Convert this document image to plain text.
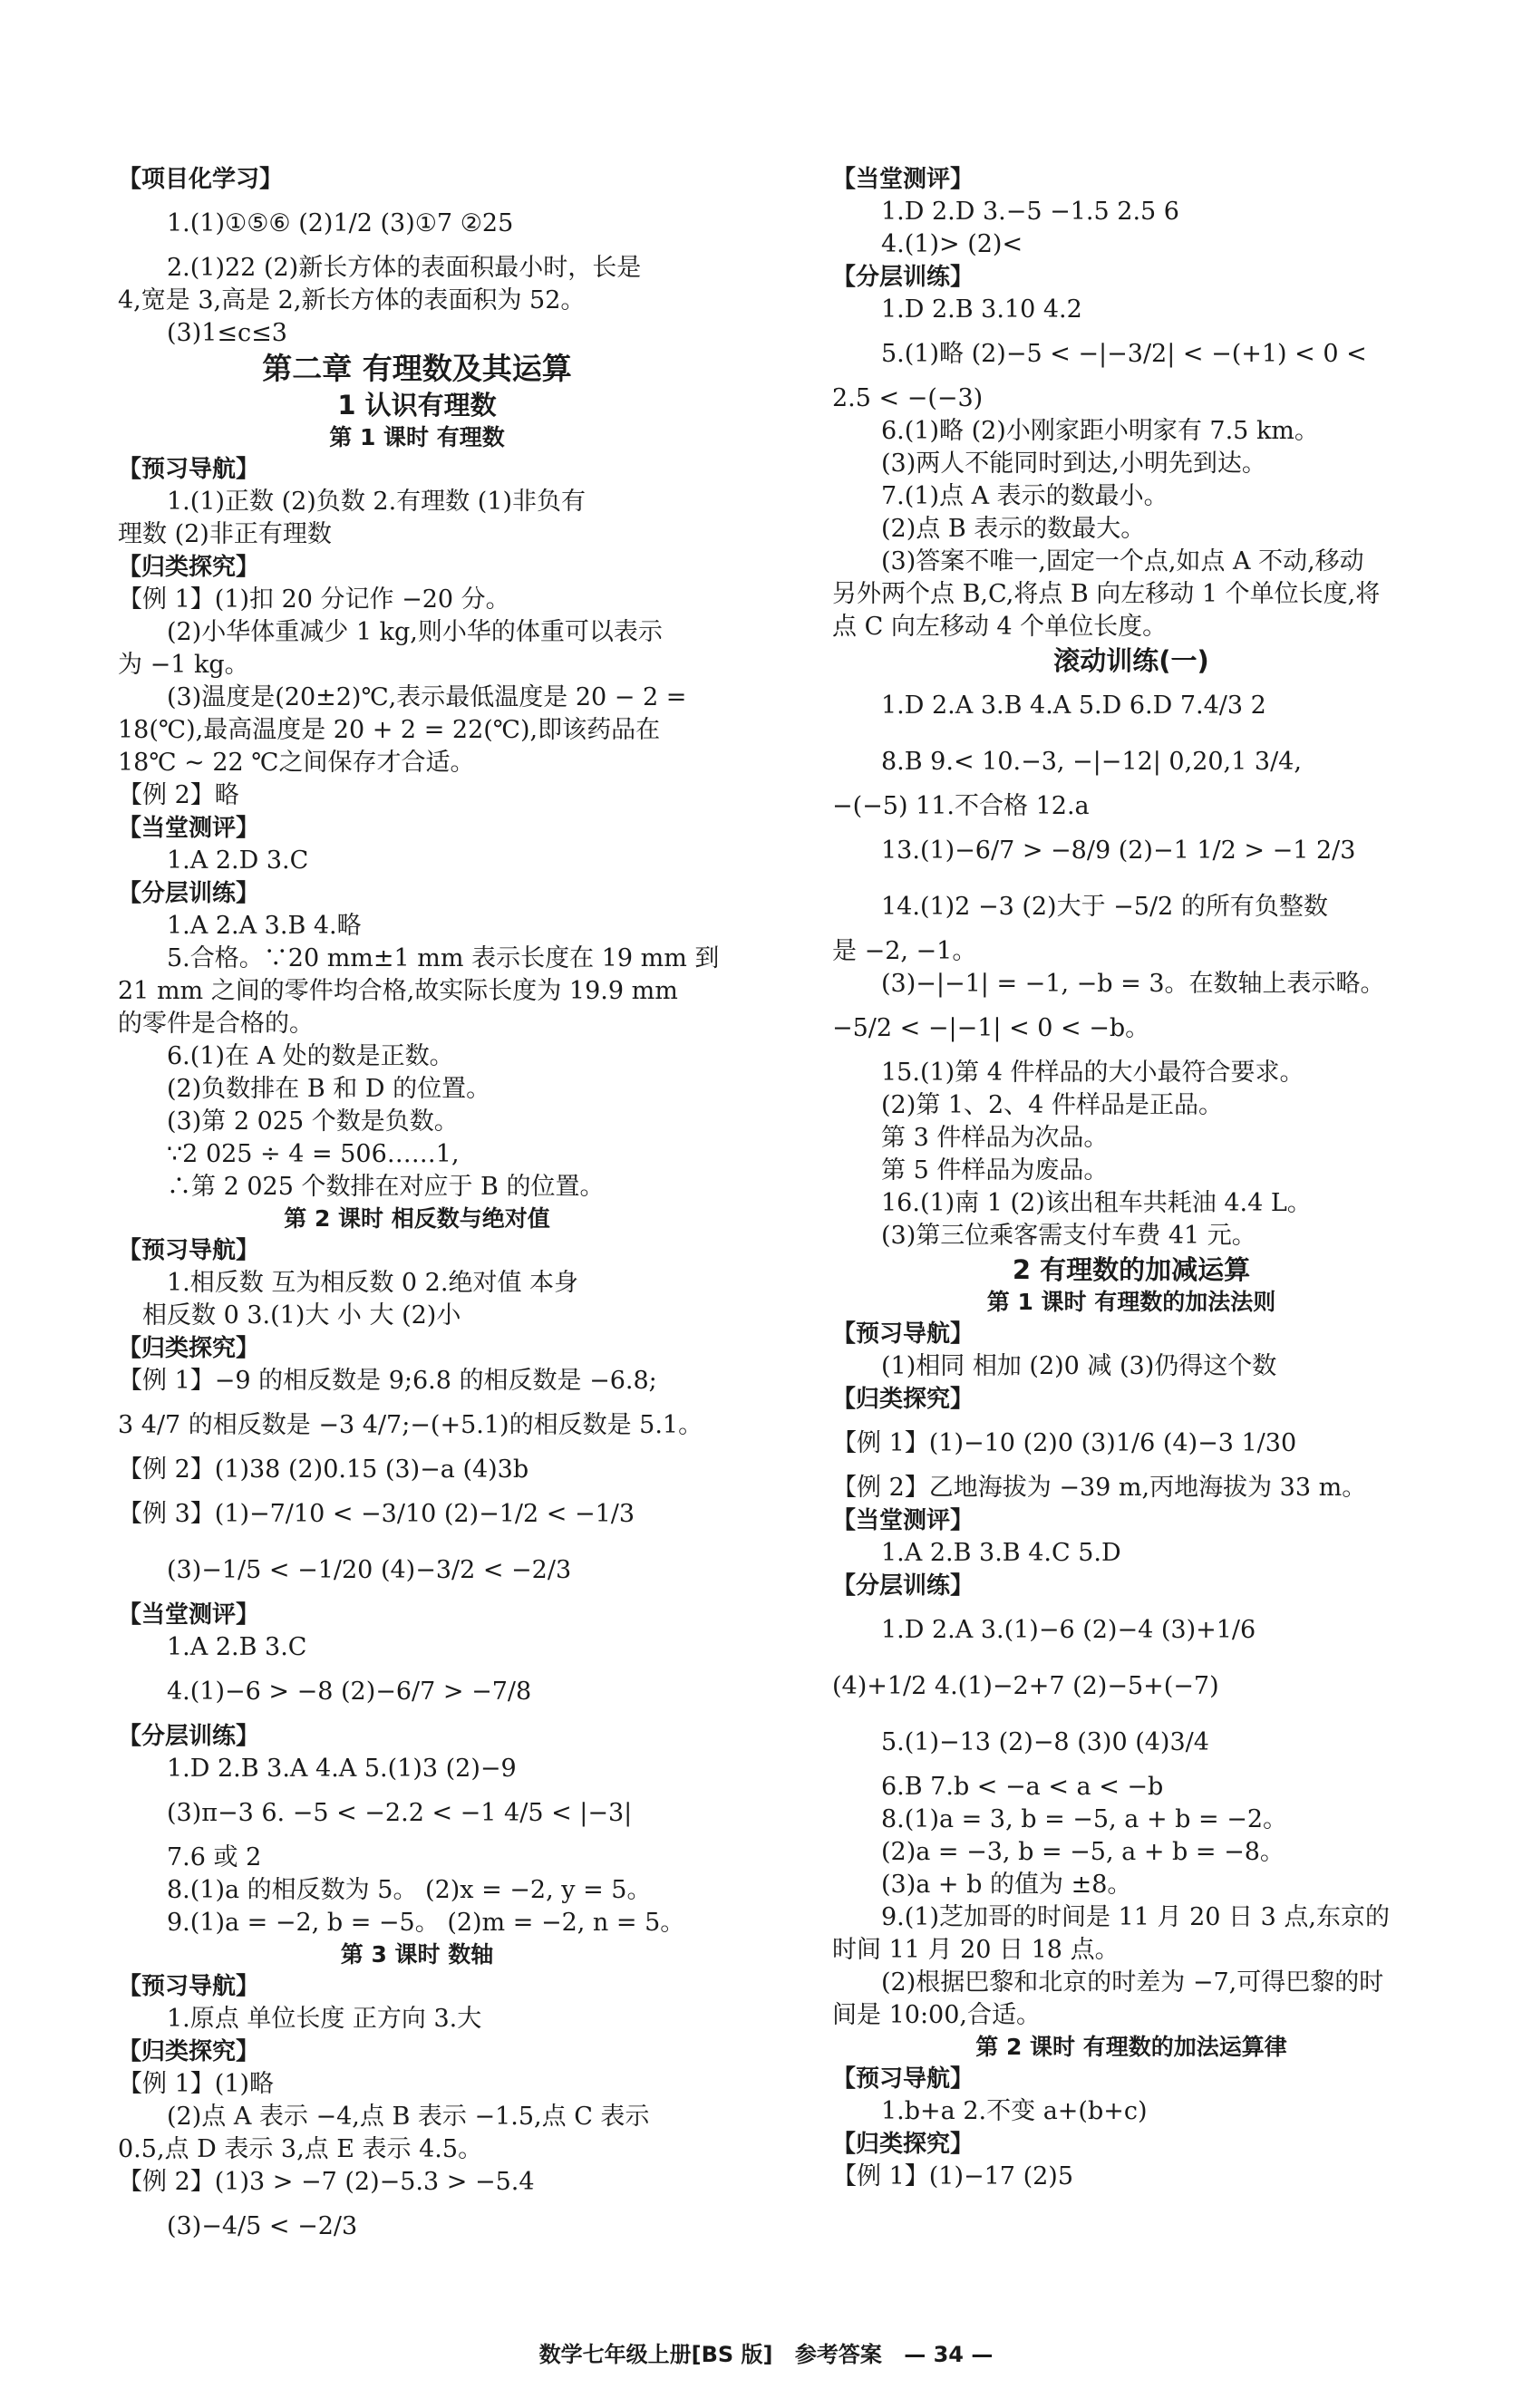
【项目化学习】
1.(1)①⑤⑥ (2)1/2 (3)①7 ②25
2.(1)22 (2)新长方体的表面积最小时，长是
4,宽是 3,高是 2,新长方体的表面积为 52。
(3)1≤c≤3
第二章 有理数及其运算
1 认识有理数
第 1 课时 有理数
【预习导航】
1.(1)正数 (2)负数 2.有理数 (1)非负有
理数 (2)非正有理数
【归类探究】
【例 1】(1)扣 20 分记作 −20 分。
(2)小华体重减少 1 kg,则小华的体重可以表示
为 −1 kg。
(3)温度是(20±2)℃,表示最低温度是 20 − 2 =
18(℃),最高温度是 20 + 2 = 22(℃),即该药品在
18℃ ~ 22 ℃之间保存才合适。
【例 2】略
【当堂测评】
1.A 2.D 3.C
【分层训练】
1.A 2.A 3.B 4.略
5.合格。∵20 mm±1 mm 表示长度在 19 mm 到
21 mm 之间的零件均合格,故实际长度为 19.9 mm
的零件是合格的。
6.(1)在 A 处的数是正数。
(2)负数排在 B 和 D 的位置。
(3)第 2 025 个数是负数。
∵2 025 ÷ 4 = 506……1,
∴第 2 025 个数排在对应于 B 的位置。
第 2 课时 相反数与绝对值
【预习导航】
1.相反数 互为相反数 0 2.绝对值 本身
相反数 0 3.(1)大 小 大 (2)小
【归类探究】
【例 1】−9 的相反数是 9;6.8 的相反数是 −6.8;
3 4/7 的相反数是 −3 4/7;−(+5.1)的相反数是 5.1。
【例 2】(1)38 (2)0.15 (3)−a (4)3b
【例 3】(1)−7/10 < −3/10 (2)−1/2 < −1/3
(3)−1/5 < −1/20 (4)−3/2 < −2/3
【当堂测评】
1.A 2.B 3.C
4.(1)−6 > −8 (2)−6/7 > −7/8
【分层训练】
1.D 2.B 3.A 4.A 5.(1)3 (2)−9
(3)π−3 6. −5 < −2.2 < −1 4/5 < |−3|
7.6 或 2
8.(1)a 的相反数为 5。 (2)x = −2, y = 5。
9.(1)a = −2, b = −5。 (2)m = −2, n = 5。
第 3 课时 数轴
【预习导航】
1.原点 单位长度 正方向 3.大
【归类探究】
【例 1】(1)略
(2)点 A 表示 −4,点 B 表示 −1.5,点 C 表示
0.5,点 D 表示 3,点 E 表示 4.5。
【例 2】(1)3 > −7 (2)−5.3 > −5.4
(3)−4/5 < −2/3
【当堂测评】
1.D 2.D 3.−5 −1.5 2.5 6
4.(1)> (2)<
【分层训练】
1.D 2.B 3.10 4.2
5.(1)略 (2)−5 < −|−3/2| < −(+1) < 0 <
2.5 < −(−3)
6.(1)略 (2)小刚家距小明家有 7.5 km。
(3)两人不能同时到达,小明先到达。
7.(1)点 A 表示的数最小。
(2)点 B 表示的数最大。
(3)答案不唯一,固定一个点,如点 A 不动,移动
另外两个点 B,C,将点 B 向左移动 1 个单位长度,将
点 C 向左移动 4 个单位长度。
滚动训练(一)
1.D 2.A 3.B 4.A 5.D 6.D 7.4/3 2
8.B 9.< 10.−3, −|−12| 0,20,1 3/4,
−(−5) 11.不合格 12.a
13.(1)−6/7 > −8/9 (2)−1 1/2 > −1 2/3
14.(1)2 −3 (2)大于 −5/2 的所有负整数
是 −2, −1。
(3)−|−1| = −1, −b = 3。在数轴上表示略。
−5/2 < −|−1| < 0 < −b。
15.(1)第 4 件样品的大小最符合要求。
(2)第 1、2、4 件样品是正品。
第 3 件样品为次品。
第 5 件样品为废品。
16.(1)南 1 (2)该出租车共耗油 4.4 L。
(3)第三位乘客需支付车费 41 元。
2 有理数的加减运算
第 1 课时 有理数的加法法则
【预习导航】
(1)相同 相加 (2)0 减 (3)仍得这个数
【归类探究】
【例 1】(1)−10 (2)0 (3)1/6 (4)−3 1/30
【例 2】乙地海拔为 −39 m,丙地海拔为 33 m。
【当堂测评】
1.A 2.B 3.B 4.C 5.D
【分层训练】
1.D 2.A 3.(1)−6 (2)−4 (3)+1/6
(4)+1/2 4.(1)−2+7 (2)−5+(−7)
5.(1)−13 (2)−8 (3)0 (4)3/4
6.B 7.b < −a < a < −b
8.(1)a = 3, b = −5, a + b = −2。
(2)a = −3, b = −5, a + b = −8。
(3)a + b 的值为 ±8。
9.(1)芝加哥的时间是 11 月 20 日 3 点,东京的
时间 11 月 20 日 18 点。
(2)根据巴黎和北京的时差为 −7,可得巴黎的时
间是 10:00,合适。
第 2 课时 有理数的加法运算律
【预习导航】
1.b+a 2.不变 a+(b+c)
【归类探究】
【例 1】(1)−17 (2)5
数学七年级上册[BS 版] 参考答案 — 34 —
